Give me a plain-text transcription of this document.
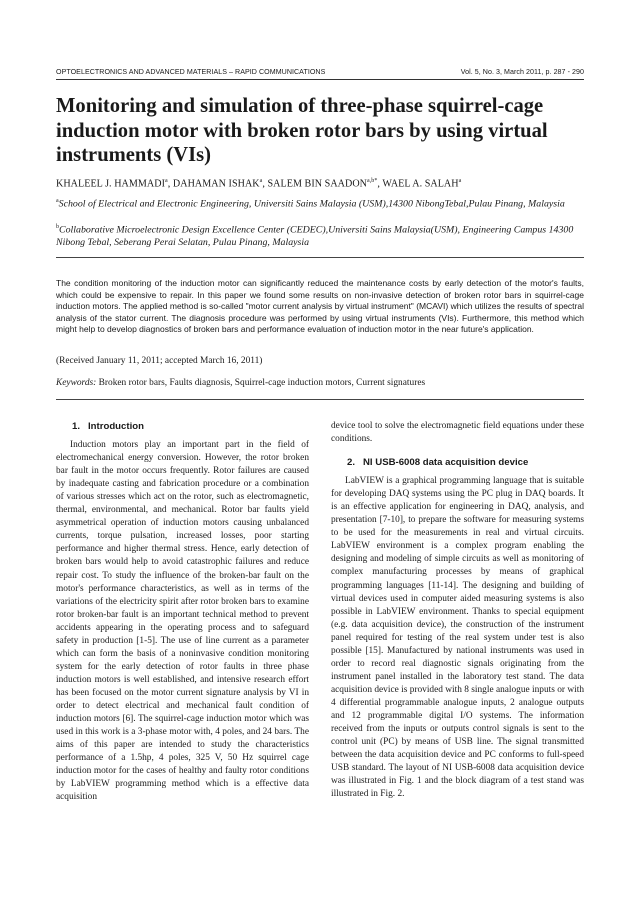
OPTOELECTRONICS AND ADVANCED MATERIALS – RAPID COMMUNICATIONS	Vol. 5, No. 3, March 2011, p. 287 - 290
Monitoring and simulation of three-phase squirrel-cage induction motor with broken rotor bars by using virtual instruments (VIs)
KHALEEL J. HAMMADI$^a$, DAHAMAN ISHAK$^a$, SALEM BIN $SAADON^{a,b*}$, WAEL A. SALAH$^a$
$^a$School of Electrical and Electronic Engineering, Universiti Sains Malaysia (USM),14300 NibongTebal,Pulau Pinang, Malaysia
$^b$Collaborative Microelectronic Design Excellence Center (CEDEC),Universiti Sains Malaysia(USM), Engineering Campus 14300 Nibong Tebal, Seberang Perai Selatan, Pulau Pinang, Malaysia
The condition monitoring of the induction motor can significantly reduced the maintenance costs by early detection of the motor's faults, which could be expensive to repair. In this paper we found some results on non-invasive detection of broken rotor bars in squirrel-cage induction motors. The applied method is so-called "motor current analysis by virtual instrument" (MCAVI) which utilizes the results of spectral analysis of the stator current. The diagnosis procedure was performed by using virtual instruments (VIs). Furthermore, this method which might help to develop diagnostics of broken bars and performance evaluation of induction motor in the near future's application.
(Received January 11, 2011; accepted March 16, 2011)
Keywords: Broken rotor bars, Faults diagnosis, Squirrel-cage induction motors, Current signatures
1. Introduction

Induction motors play an important part in the field of electromechanical energy conversion. However, the rotor broken bar fault in the motor occurs frequently. Rotor failures are caused by inadequate casting and fabrication procedure or a combination of various stresses which act on the rotor, such as electromagnetic, thermal, environmental, and mechanical. Rotor bar faults yield asymmetrical operation of induction motors causing unbalanced currents, torque pulsation, increased losses, poor starting performance and higher thermal stress. Hence, early detection of broken bars would help to avoid catastrophic failures and reduce repair cost. To study the influence of the broken-bar fault on the motor's performance characteristics, as well as in terms of the variations of the electricity spirit after rotor broken bars to examine rotor broken-bar fault is an important technical method to prevent accidents appearing in the operating process and to safeguard safety in production [1-5]. The use of line current as a parameter which can form the basis of a noninvasive condition monitoring system for the early detection of rotor faults in three phase induction motors is well established, and intensive research effort has been focused on the motor current signature analysis by VI in order to detect electrical and mechanical fault condition of induction motors [6]. The squirrel-cage induction motor which was used in this work is a 3-phase motor with, 4 poles, and 24 bars. The aims of this paper are intended to study the characteristics performance of a 1.5hp, 4 poles, 325 V, 50 Hz squirrel cage induction motor for the cases of healthy and faulty rotor conditions by LabVIEW programming method which is a effective data acquisition

device tool to solve the electromagnetic field equations under these conditions.

2. NI USB-6008 data acquisition device

LabVIEW is a graphical programming language that is suitable for developing DAQ systems using the PC plug in DAQ boards. It is an effective application for engineering in DAQ, analysis, and presentation [7-10], to prepare the software for measuring systems to be used for the measurements in real and virtual circuits. LabVIEW environment is a complex program enabling the designing and modeling of simple circuits as well as monitoring of complex manufacturing processes by means of graphical programming languages [11-14]. The designing and building of virtual devices used in computer aided measuring systems is also possible in LabVIEW environment. Thanks to special equipment (e.g. data acquisition device), the construction of the instrument panel required for testing of the real system under test is also possible [15]. Manufactured by national instruments was used in order to record real diagnostic signals originating from the instrument panel installed in the laboratory test stand. The data acquisition device is provided with 8 single analogue inputs or with 4 differential programmable analogue inputs, 2 analogue outputs and 12 programmable digital I/O systems. The information received from the inputs or outputs control signals is sent to the control unit (PC) by means of USB line. The signal transmitted between the data acquisition device and PC conforms to full-speed USB standard. The layout of NI USB-6008 data acquisition device was illustrated in Fig. 1 and the block diagram of a test stand was illustrated in Fig. 2.
